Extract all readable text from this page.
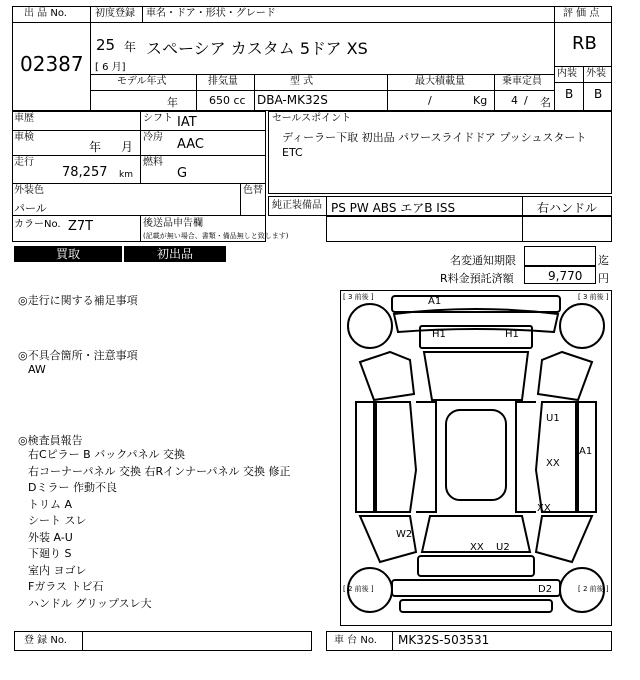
出 品 No.
02387
初度登録 車名・ドア・形状・グレード
25 年
[ 6 月]
スペーシア カスタム 5ドア XS
評 価 点
RB
内装 外装
B B
モデル年式	排気量	型 式	最大積載量	乗車定員
年	650 cc DBA-MK32S	/	Kg 4 / 名
車歴	シフト IAT
車検
年 月
冷房 AAC
走行
78,257 km
燃料
G
外装色
パール
色替
カラーNo. Z7T	後送品申告欄
(記載が無い場合、書類・備品無しと致します)
セールスポイント
ディーラー下取 初出品 パワースライドドア プッシュスタート
ETC
純正装備品 PS PW ABS エアB ISS	右ハンドル
買取	初出品	名変通知期限	迄
R料金預託済額	9,770 円
◎走行に関する補足事項
◎不具合箇所・注意事項
AW
◎検査員報告
右Cピラー B バックパネル 交換
右コーナーパネル 交換 右Rインナーパネル 交換 修正
Dミラー 作動不良
トリム A
シート スレ
外装 A-U
下廻り S
室内 ヨゴレ
Fガラス トビ石
ハンドル グリップスレ大
A1
H1	H1
U1
A1
XX
XX
W2
XX U2
D2
[ 3 前後 ]	[ 3 前後 ]
[ 2 前後 ]	[ 2 前後 ]
登 録 No.	車 台 No. MK32S-503531
